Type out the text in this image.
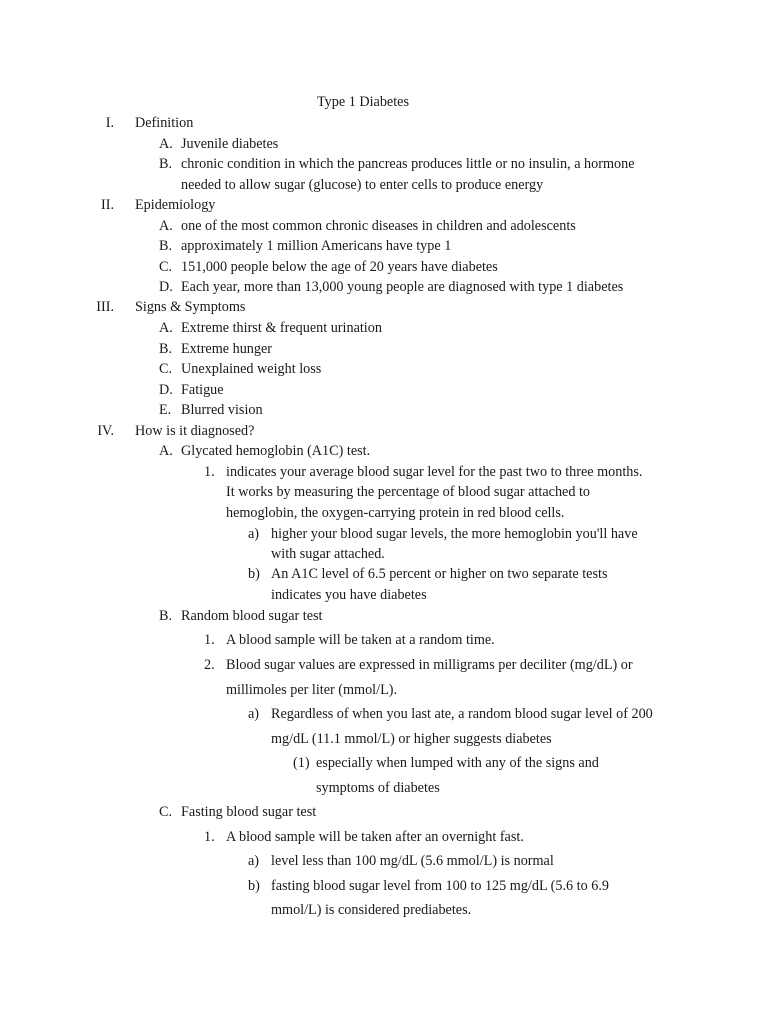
Type 1 Diabetes
I. Definition
A. Juvenile diabetes
B. chronic condition in which the pancreas produces little or no insulin, a hormone
needed to allow sugar (glucose) to enter cells to produce energy
II. Epidemiology
A. one of the most common chronic diseases in children and adolescents
B. approximately 1 million Americans have type 1
C. 151,000 people below the age of 20 years have diabetes
D. Each year, more than 13,000 young people are diagnosed with type 1 diabetes
III. Signs & Symptoms
A. Extreme thirst & frequent urination
B. Extreme hunger
C. Unexplained weight loss
D. Fatigue
E. Blurred vision
IV. How is it diagnosed?
A. Glycated hemoglobin (A1C) test.
1. indicates your average blood sugar level for the past two to three months.
It works by measuring the percentage of blood sugar attached to
hemoglobin, the oxygen-carrying protein in red blood cells.
a) higher your blood sugar levels, the more hemoglobin you'll have
with sugar attached.
b) An A1C level of 6.5 percent or higher on two separate tests
indicates you have diabetes
B. Random blood sugar test
1. A blood sample will be taken at a random time.
2. Blood sugar values are expressed in milligrams per deciliter (mg/dL) or
millimoles per liter (mmol/L).
a) Regardless of when you last ate, a random blood sugar level of 200
mg/dL (11.1 mmol/L) or higher suggests diabetes
(1) especially when lumped with any of the signs and
symptoms of diabetes
C. Fasting blood sugar test
1. A blood sample will be taken after an overnight fast.
a) level less than 100 mg/dL (5.6 mmol/L) is normal
b) fasting blood sugar level from 100 to 125 mg/dL (5.6 to 6.9
mmol/L) is considered prediabetes.
